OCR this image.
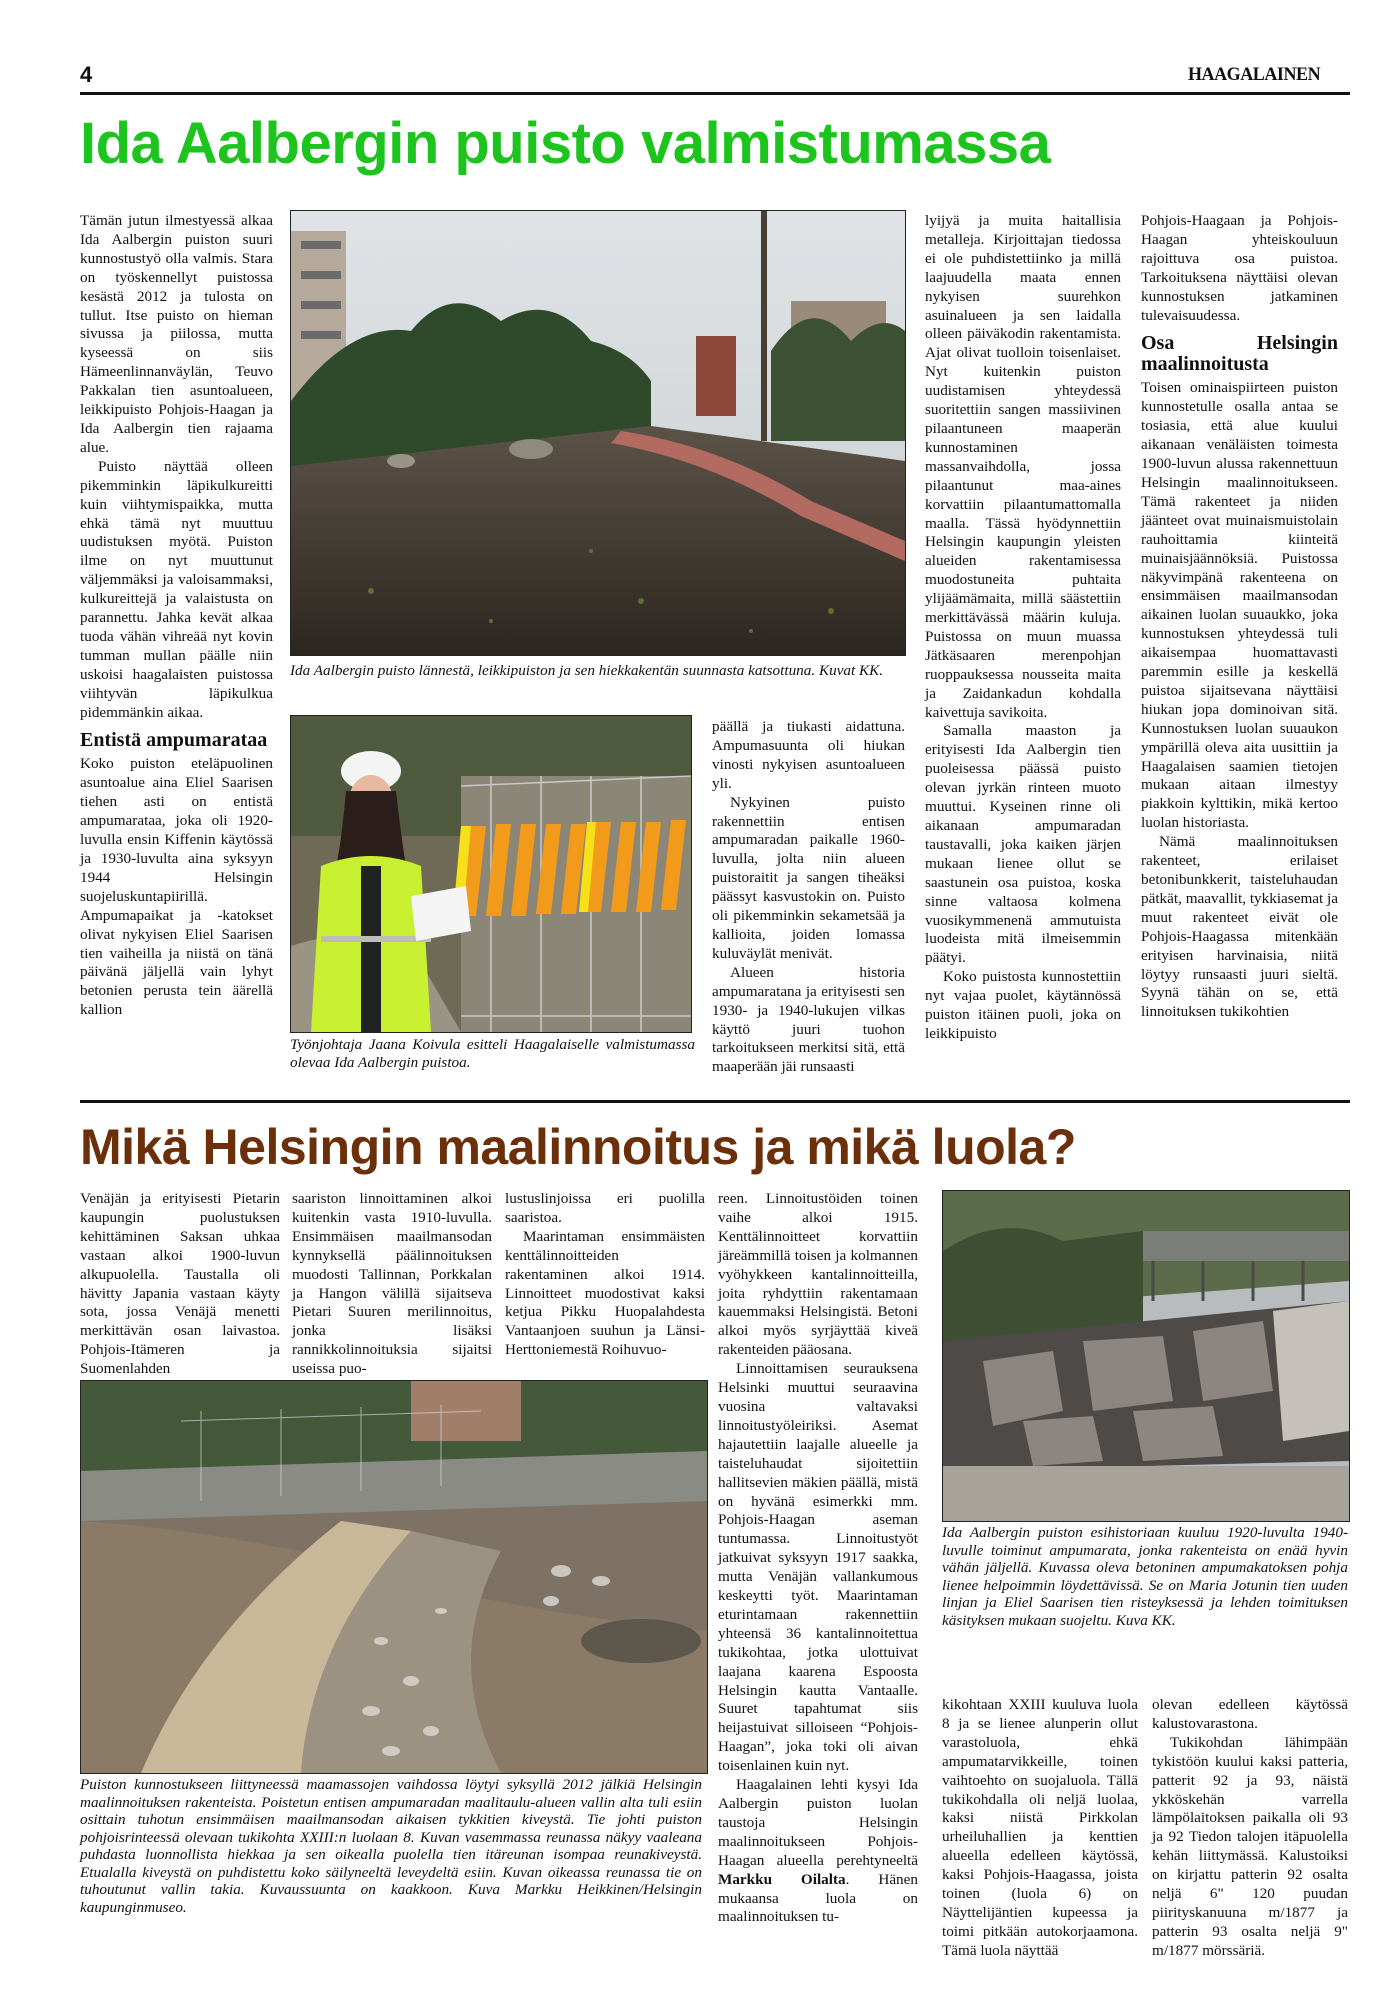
4	HAAGALAINEN
Ida Aalbergin puisto valmistumassa

Tämän jutun ilmestyessä alkaa Ida Aalbergin puiston suuri kunnostustyö olla valmis. Stara on työskennellyt puistossa kesästä 2012 ja tulosta on tullut. Itse puisto on hieman sivussa ja piilossa, mutta kyseessä on siis Hämeenlinnanväylän, Teuvo Pakkalan tien asuntoalueen, leikkipuisto Pohjois-Haagan ja Ida Aalbergin tien rajaama alue.

Puisto näyttää olleen pikemminkin läpikulkureitti kuin viihtymispaikka, mutta ehkä tämä nyt muuttuu uudistuksen myötä. Puiston ilme on nyt muuttunut väljemmäksi ja valoisammaksi, kulkureittejä ja valaistusta on parannettu. Jahka kevät alkaa tuoda vähän vihreää nyt kovin tumman mullan päälle niin uskoisi haagalaisten puistossa viihtyvän läpikulkua pidemmänkin aikaa.

Entistä ampumarataa

Koko puiston eteläpuolinen asuntoalue aina Eliel Saarisen tiehen asti on entistä ampumarataa, joka oli 1920-luvulla ensin Kiffenin käytössä ja 1930-luvulta aina syksyyn 1944 Helsingin suojeluskuntapiirillä. Ampumapaikat ja -katokset olivat nykyisen Eliel Saarisen tien vaiheilla ja niistä on tänä päivänä jäljellä vain lyhyt betonien perusta tein äärellä kallion

Ida Aalbergin puisto lännestä, leikkipuiston ja sen hiekkakentän suunnasta katsottuna. Kuvat KK.
Työnjohtaja Jaana Koivula esitteli Haagalaiselle valmistumassa olevaa Ida Aalbergin puistoa.

päällä ja tiukasti aidattuna. Ampumasuunta oli hiukan vinosti nykyisen asuntoalueen yli.

Nykyinen puisto rakennettiin entisen ampumaradan paikalle 1960-luvulla, jolta niin alueen puistoraitit ja sangen tiheäksi päässyt kasvustokin on. Puisto oli pikemminkin sekametsää ja kallioita, joiden lomassa kuluväylät menivät.

Alueen historia ampumaratana ja erityisesti sen 1930- ja 1940-lukujen vilkas käyttö juuri tuohon tarkoitukseen merkitsi sitä, että maaperään jäi runsaasti

lyijyä ja muita haitallisia metalleja. Kirjoittajan tiedossa ei ole puhdistettiinko ja millä laajuudella maata ennen nykyisen suurehkon asuinalueen ja sen laidalla olleen päiväkodin rakentamista. Ajat olivat tuolloin toisenlaiset. Nyt kuitenkin puiston uudistamisen yhteydessä suoritettiin sangen massiivinen pilaantuneen maaperän kunnostaminen massanvaihdolla, jossa pilaantunut maa-aines korvattiin pilaantumattomalla maalla. Tässä hyödynnettiin Helsingin kaupungin yleisten alueiden rakentamisessa muodostuneita puhtaita ylijäämämaita, millä säästettiin merkittävässä määrin kuluja. Puistossa on muun muassa Jätkäsaaren merenpohjan ruoppauksessa nousseita maita ja Zaidankadun kohdalla kaivettuja savikoita.

Samalla maaston ja erityisesti Ida Aalbergin tien puoleisessa päässä puisto olevan jyrkän rinteen muoto muuttui. Kyseinen rinne oli aikanaan ampumaradan taustavalli, joka kaiken järjen mukaan lienee ollut se saastunein osa puistoa, koska sinne valtaosa kolmena vuosikymmenenä ammutuista luodeista mitä ilmeisemmin päätyi.

Koko puistosta kunnostettiin nyt vajaa puolet, käytännössä puiston itäinen puoli, joka on leikkipuisto

Pohjois-Haagaan ja Pohjois-Haagan yhteiskouluun rajoittuva osa puistoa. Tarkoituksena näyttäisi olevan kunnostuksen jatkaminen tulevaisuudessa.

Osa Helsingin maalinnoitusta

Toisen ominaispiirteen puiston kunnostetulle osalla antaa se tosiasia, että alue kuului aikanaan venäläisten toimesta 1900-luvun alussa rakennettuun Helsingin maalinnoitukseen. Tämä rakenteet ja niiden jäänteet ovat muinaismuistolain rauhoittamia kiinteitä muinaisjäännöksiä. Puistossa näkyvimpänä rakenteena on ensimmäisen maailmansodan aikainen luolan suuaukko, joka kunnostuksen yhteydessä tuli aikaisempaa huomattavasti paremmin esille ja keskellä puistoa sijaitsevana näyttäisi hiukan jopa dominoivan sitä. Kunnostuksen luolan suuaukon ympärillä oleva aita uusittiin ja Haagalaisen saamien tietojen mukaan aitaan ilmestyy piakkoin kylttikin, mikä kertoo luolan historiasta.

Nämä maalinnoituksen rakenteet, erilaiset betonibunkkerit, taisteluhaudan pätkät, maavallit, tykkiasemat ja muut rakenteet eivät ole Pohjois-Haagassa mitenkään erityisen harvinaisia, niitä löytyy runsaasti juuri sieltä. Syynä tähän on se, että linnoituksen tukikohtien

Mikä Helsingin maalinnoitus ja mikä luola?

Venäjän ja erityisesti Pietarin kaupungin puolustuksen kehittäminen Saksan uhkaa vastaan alkoi 1900-luvun alkupuolella. Taustalla oli hävitty Japania vastaan käyty sota, jossa Venäjä menetti merkittävän osan laivastoa. Pohjois-Itämeren ja Suomenlahden

saariston linnoittaminen alkoi kuitenkin vasta 1910-luvulla. Ensimmäisen maailmansodan kynnyksellä päälinnoituksen muodosti Tallinnan, Porkkalan ja Hangon välillä sijaitseva Pietari Suuren merilinnoitus, jonka lisäksi rannikkolinnoituksia sijaitsi useissa puo-

lustuslinjoissa eri puolilla saaristoa.

Maarintaman ensimmäisten kenttälinnoitteiden rakentaminen alkoi 1914. Linnoitteet muodostivat kaksi ketjua Pikku Huopalahdesta Vantaanjoen suuhun ja Länsi-Herttoniemestä Roihuvuo-

Puiston kunnostukseen liittyneessä maamassojen vaihdossa löytyi syksyllä 2012 jälkiä Helsingin maalinnoituksen rakenteista. Poistetun entisen ampumaradan maalitaulu-alueen vallin alta tuli esiin osittain tuhotun ensimmäisen maailmansodan aikaisen tykkitien kiveystä. Tie johti puiston pohjoisrinteessä olevaan tukikohta XXIII:n luolaan 8. Kuvan vasemmassa reunassa näkyy vaaleana puhdasta luonnollista hiekkaa ja sen oikealla puolella tien itäreunan isompaa reunakiveystä. Etualalla kiveystä on puhdistettu koko säilyneeltä leveydeltä esiin. Kuvan oikeassa reunassa tie on tuhoutunut vallin takia. Kuvaussuunta on kaakkoon. Kuva Markku Heikkinen/Helsingin kaupunginmuseo.

reen. Linnoitustöiden toinen vaihe alkoi 1915. Kenttälinnoitteet korvattiin järeämmillä toisen ja kolmannen vyöhykkeen kantalinnoitteilla, joita ryhdyttiin rakentamaan kauemmaksi Helsingistä. Betoni alkoi myös syrjäyttää kiveä rakenteiden pääosana.

Linnoittamisen seurauksena Helsinki muuttui seuraavina vuosina valtavaksi linnoitustyöleiriksi. Asemat hajautettiin laajalle alueelle ja taisteluhaudat sijoitettiin hallitsevien mäkien päällä, mistä on hyvänä esimerkki mm. Pohjois-Haagan aseman tuntumassa. Linnoitustyöt jatkuivat syksyyn 1917 saakka, mutta Venäjän vallankumous keskeytti työt. Maarintaman eturintamaan rakennettiin yhteensä 36 kantalinnoitettua tukikohtaa, jotka ulottuivat laajana kaarena Espoosta Helsingin kautta Vantaalle. Suuret tapahtumat siis heijastuivat silloiseen “Pohjois-Haagan”, joka toki oli aivan toisenlainen kuin nyt.

Haagalainen lehti kysyi Ida Aalbergin puiston luolan taustoja Helsingin maalinnoitukseen Pohjois-Haagan alueella perehtyneeltä Markku Oilalta. Hänen mukaansa luola on maalinnoituksen tu-

Ida Aalbergin puiston esihistoriaan kuuluu 1920-luvulta 1940-luvulle toiminut ampumarata, jonka rakenteista on enää hyvin vähän jäljellä. Kuvassa oleva betoninen ampumakatoksen pohja lienee helpoimmin löydettävissä. Se on Maria Jotunin tien uuden linjan ja Eliel Saarisen tien risteyksessä ja lehden toimituksen käsityksen mukaan suojeltu. Kuva KK.

kikohtaan XXIII kuuluva luola 8 ja se lienee alunperin ollut varastoluola, ehkä ampumatarvikkeille, toinen vaihtoehto on suojaluola. Tällä tukikohdalla oli neljä luolaa, kaksi niistä Pirkkolan urheiluhallien ja kenttien alueella edelleen käytössä, kaksi Pohjois-Haagassa, joista toinen (luola 6) on Näyttelijäntien kupeessa ja toimi pitkään autokorjaamona. Tämä luola näyttää

olevan edelleen käytössä kalustovarastona.

Tukikohdan lähimpään tykistöön kuului kaksi patteria, patterit 92 ja 93, näistä ykköskehän varrella lämpölaitoksen paikalla oli 93 ja 92 Tiedon talojen itäpuolella kehän liittymässä. Kalustoiksi on kirjattu patterin 92 osalta neljä 6" 120 puudan piirityskanuuna m/1877 ja patterin 93 osalta neljä 9" m/1877 mörssäriä.
